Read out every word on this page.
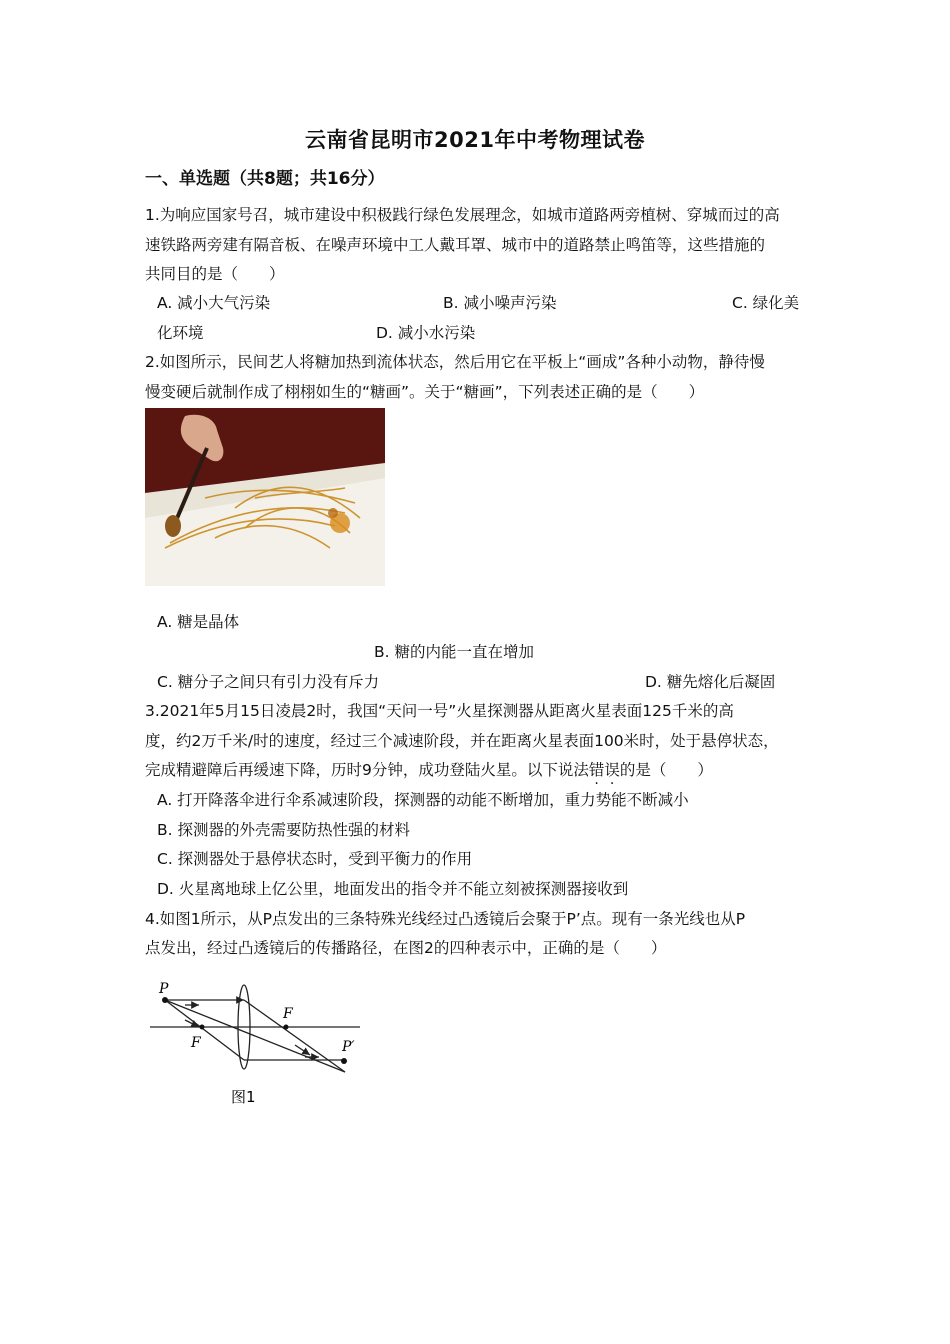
云南省昆明市2021年中考物理试卷
一、单选题（共8题；共16分）
1.为响应国家号召，城市建设中积极践行绿色发展理念，如城市道路两旁植树、穿城而过的高
速铁路两旁建有隔音板、在噪声环境中工人戴耳罩、城市中的道路禁止鸣笛等，这些措施的
共同目的是（　　）
A. 减小大气污染	B. 减小噪声污染	C. 绿化美
化环境	D. 减小水污染
2.如图所示，民间艺人将糖加热到流体状态，然后用它在平板上“画成”各种小动物，静待慢
慢变硬后就制作成了栩栩如生的“糖画”。关于“糖画”，下列表述正确的是（　　）
A. 糖是晶体
B. 糖的内能一直在增加
C. 糖分子之间只有引力没有斥力	D. 糖先熔化后凝固
3.2021年5月15日凌晨2时，我国“天问一号”火星探测器从距离火星表面125千米的高
度，约2万千米/时的速度，经过三个减速阶段，并在距离火星表面100米时，处于悬停状态，
完成精避障后再缓速下降，历时9分钟，成功登陆火星。以下说法错误的是（　　）
A. 打开降落伞进行伞系减速阶段，探测器的动能不断增加，重力势能不断减小
B. 探测器的外壳需要防热性强的材料
C. 探测器处于悬停状态时，受到平衡力的作用
D. 火星离地球上亿公里，地面发出的指令并不能立刻被探测器接收到
4.如图1所示，从P点发出的三条特殊光线经过凸透镜后会聚于P’点。现有一条光线也从P
点发出，经过凸透镜后的传播路径，在图2的四种表示中，正确的是（　　）
P
F
F
P′
图1
